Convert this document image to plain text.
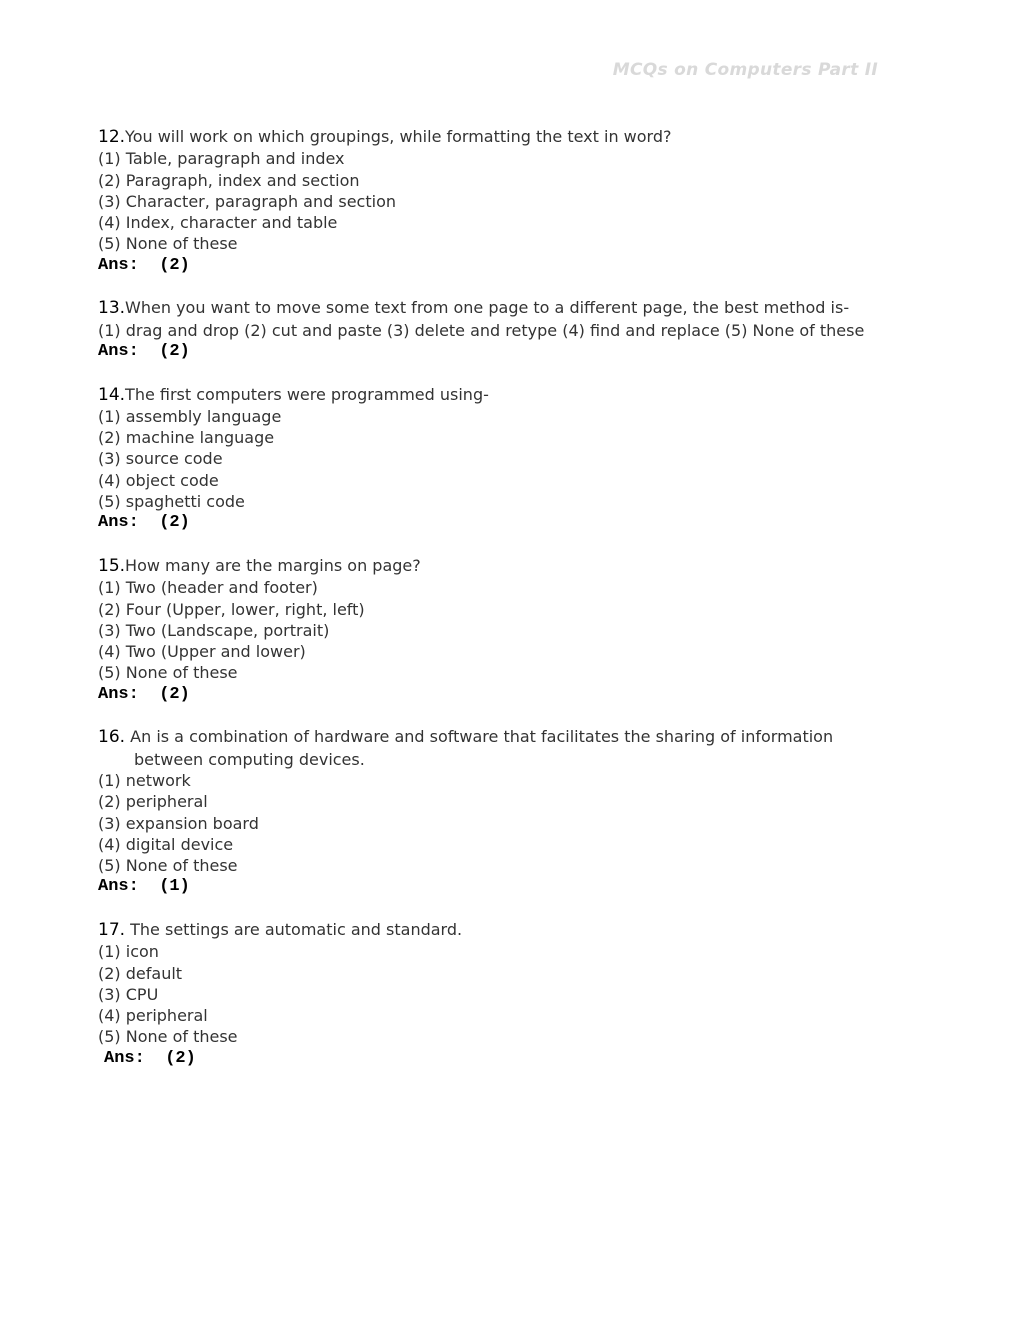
MCQs on Computers Part II
12.You will work on which groupings, while formatting the text in word?
(1) Table, paragraph and index
(2) Paragraph, index and section
(3) Character, paragraph and section
(4) Index, character and table
(5) None of these
Ans:  (2)
13.When you want to move some text from one page to a different page, the best method is-
(1) drag and drop (2) cut and paste (3) delete and retype (4) find and replace (5) None of these
Ans:  (2)
14.The first computers were programmed using-
(1) assembly language
(2) machine language
(3) source code
(4) object code
(5) spaghetti code
Ans:  (2)
15.How many are the margins on page?
(1) Two (header and footer)
(2) Four (Upper, lower, right, left)
(3) Two (Landscape, portrait)
(4) Two (Upper and lower)
(5) None of these
Ans:  (2)
16. An is a combination of hardware and software that facilitates the sharing of information between computing devices.
(1) network
(2) peripheral
(3) expansion board
(4) digital device
(5) None of these
Ans:  (1)
17. The settings are automatic and standard.
(1) icon
(2) default
(3) CPU
(4) peripheral
(5) None of these
Ans:  (2)
